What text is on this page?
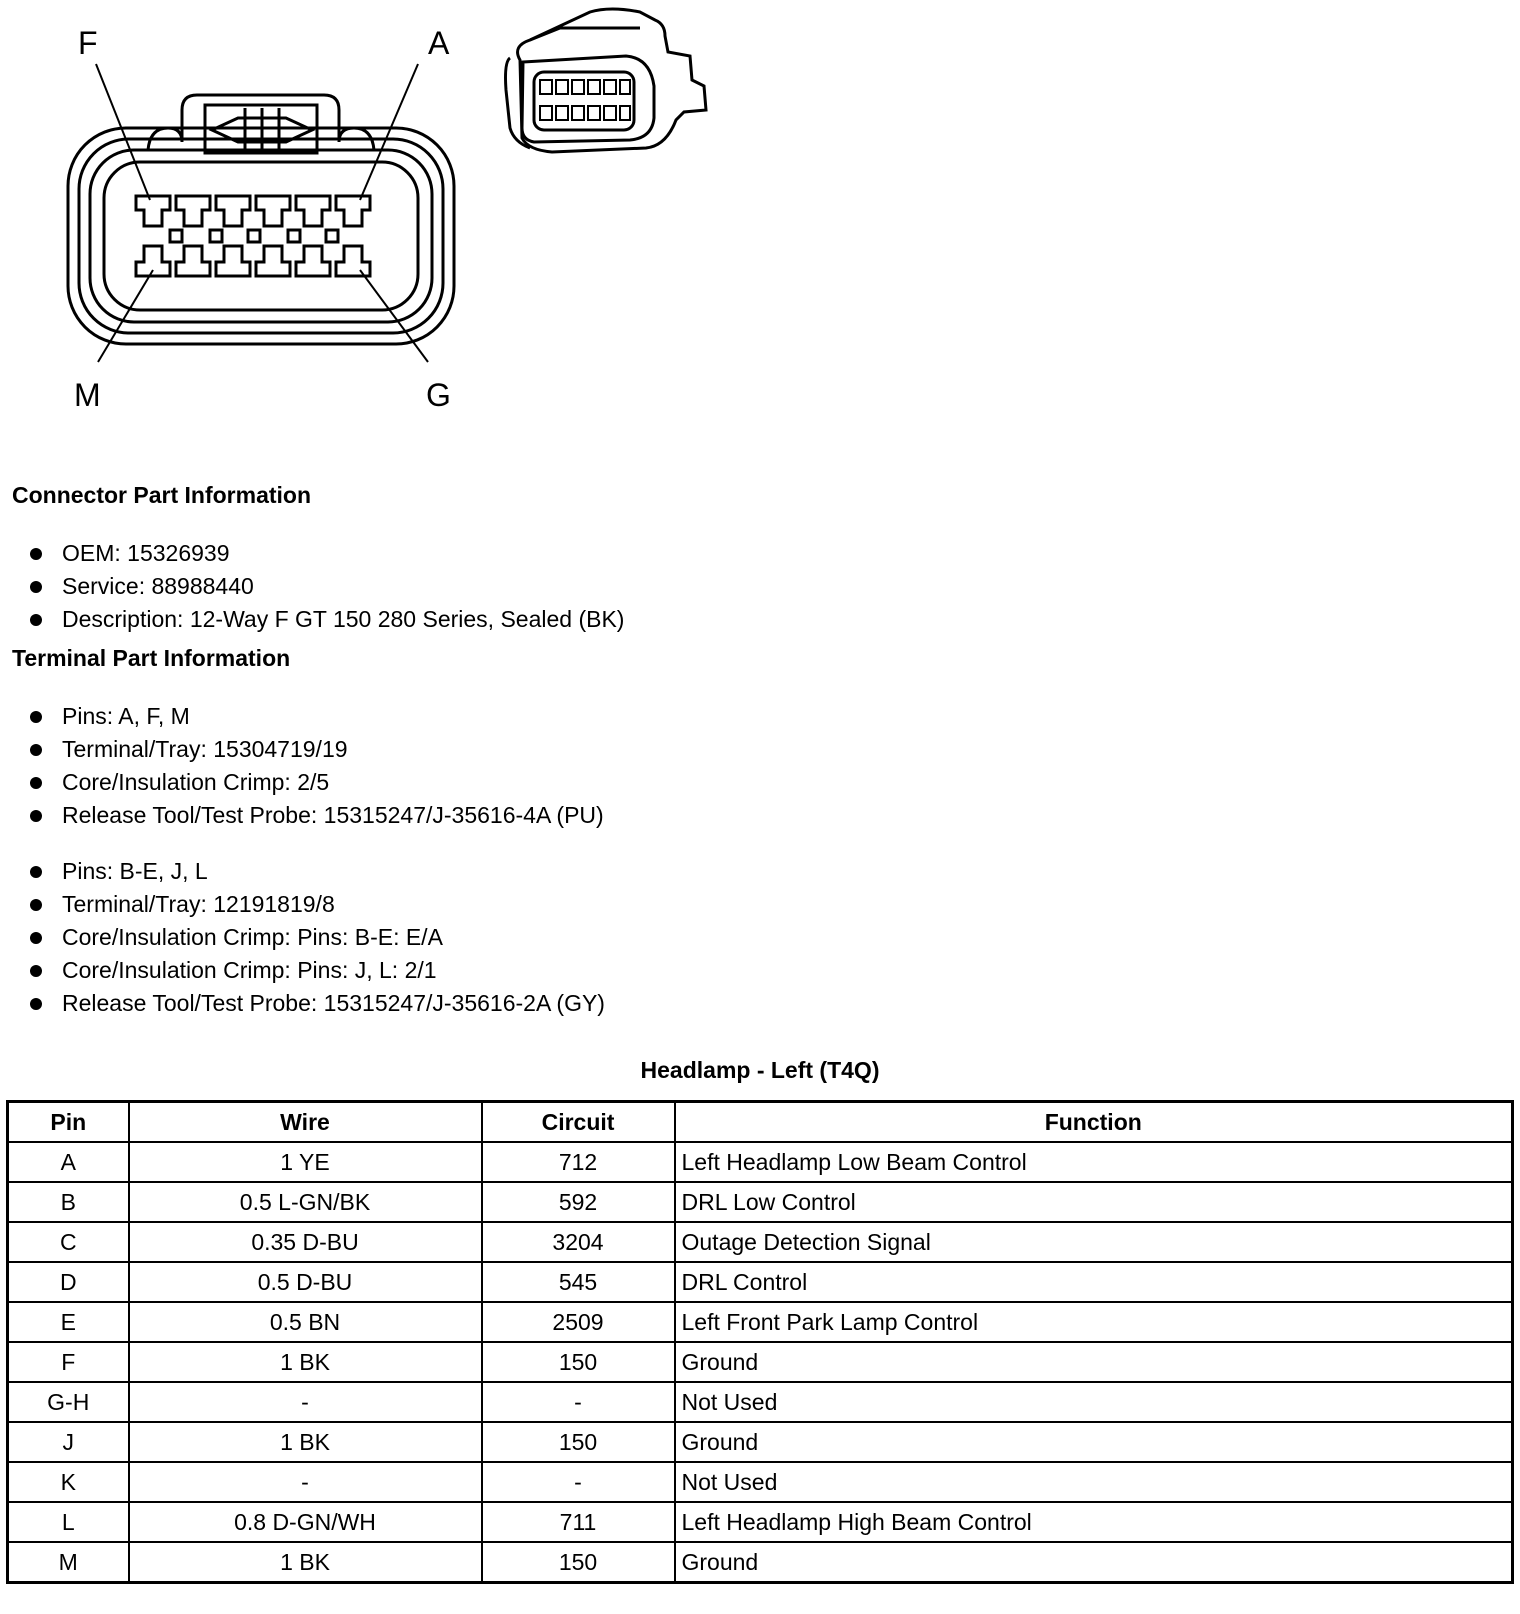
F	A
M	G
Connector Part Information
OEM: 15326939
Service: 88988440
Description: 12-Way F GT 150 280 Series, Sealed (BK)
Terminal Part Information
Pins: A, F, M
Terminal/Tray: 15304719/19
Core/Insulation Crimp: 2/5
Release Tool/Test Probe: 15315247/J-35616-4A (PU)
Pins: B-E, J, L
Terminal/Tray: 12191819/8
Core/Insulation Crimp: Pins: B-E: E/A
Core/Insulation Crimp: Pins: J, L: 2/1
Release Tool/Test Probe: 15315247/J-35616-2A (GY)
Headlamp - Left (T4Q)
Pin	Wire	Circuit	Function
A	1 YE	712	Left Headlamp Low Beam Control
B	0.5 L-GN/BK	592	DRL Low Control
C	0.35 D-BU	3204	Outage Detection Signal
D	0.5 D-BU	545	DRL Control
E	0.5 BN	2509	Left Front Park Lamp Control
F	1 BK	150	Ground
G-H	-	-	Not Used
J	1 BK	150	Ground
K	-	-	Not Used
L	0.8 D-GN/WH	711	Left Headlamp High Beam Control
M	1 BK	150	Ground
